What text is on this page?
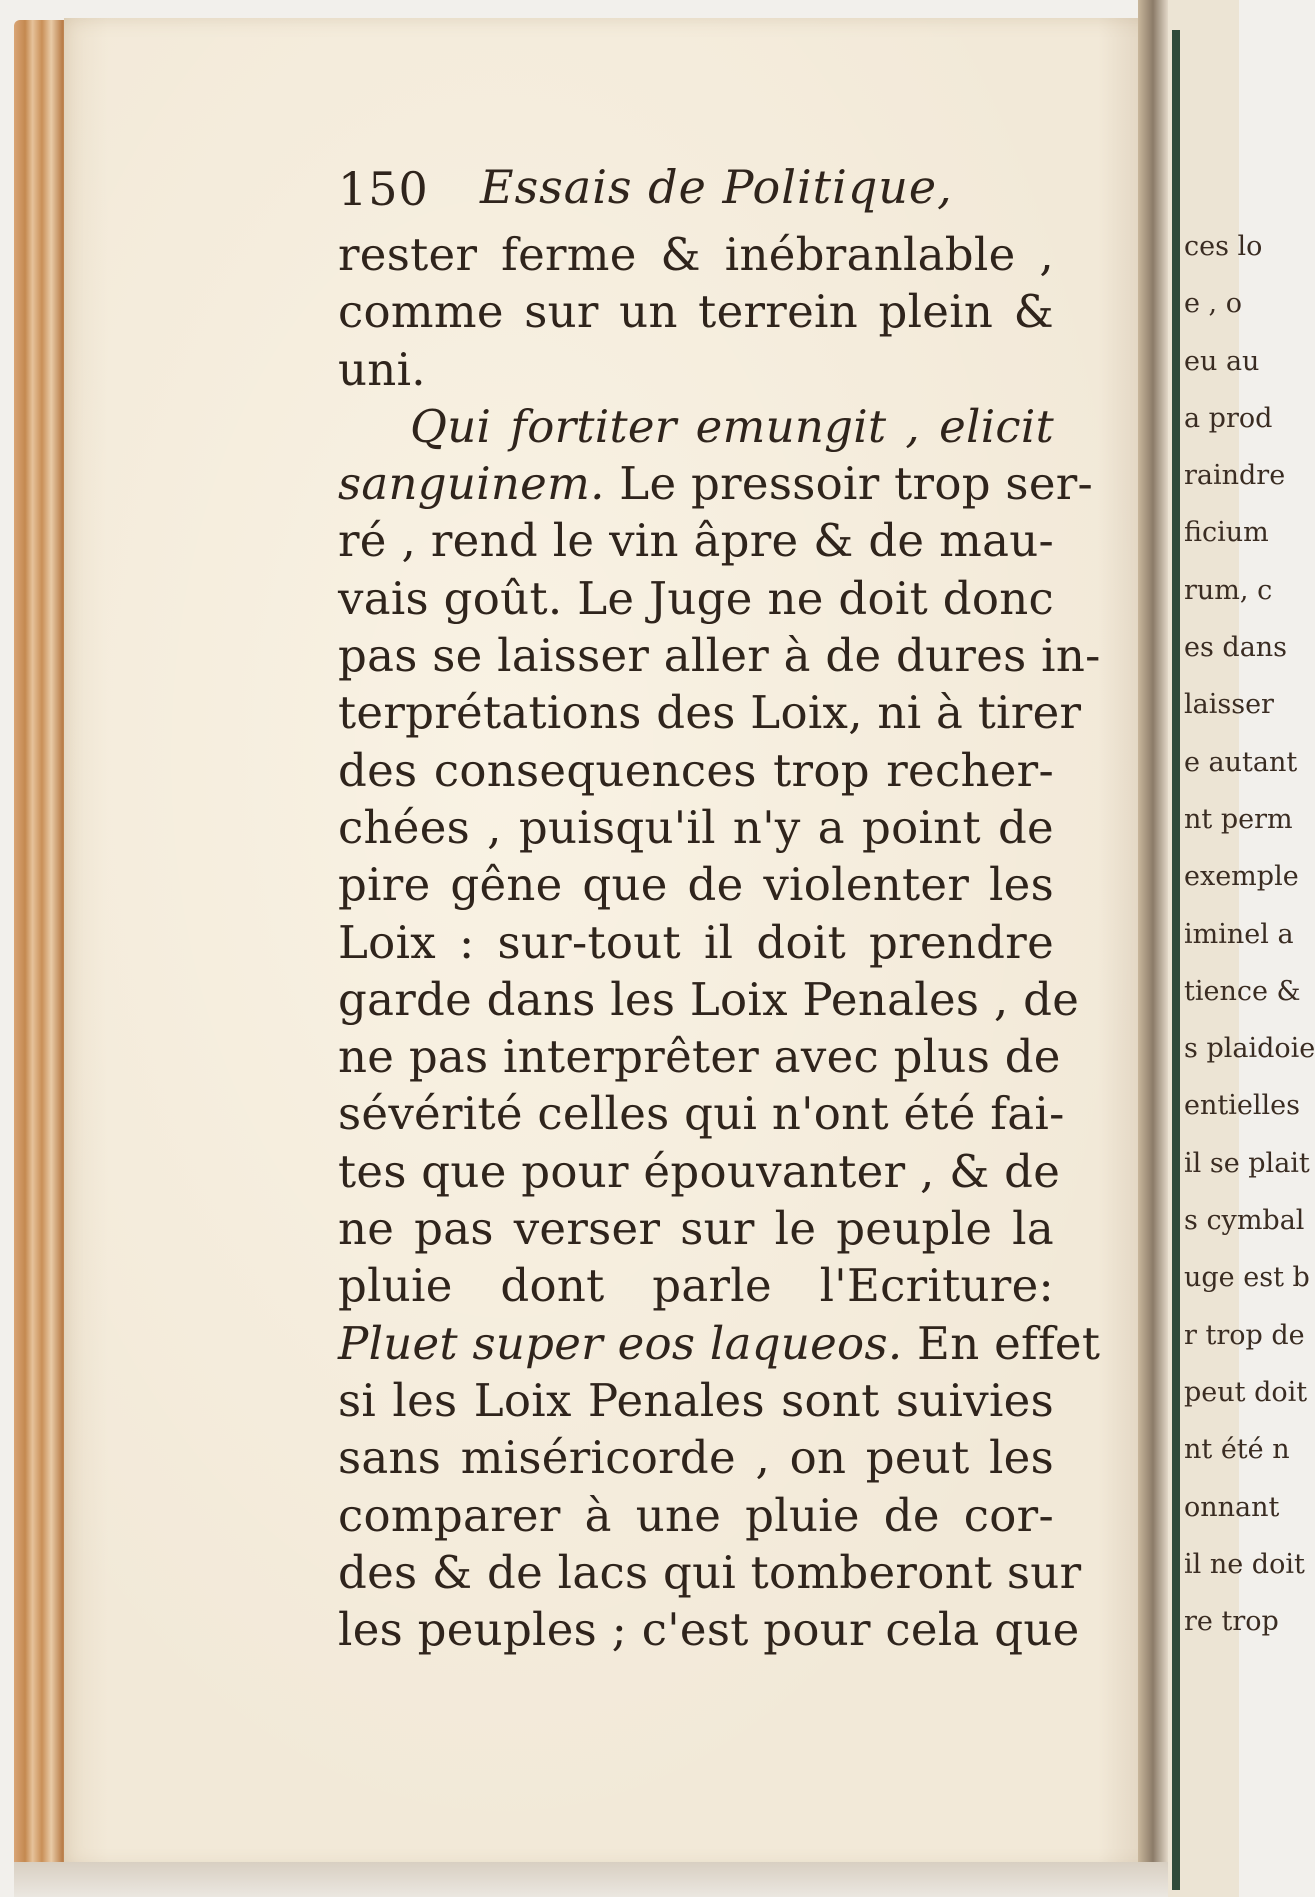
ces lo
e , o
eu au
a prod
raindre
ficium
rum, c
es dans
laisser
e autant
nt perm
exemple
iminel a
tience &
s plaidoie
entielles
il se plait
s cymbal
uge est b
r trop de
peut doit
nt été n
onnant
il ne doit
re trop
150 Essais de Politique,
rester ferme & inébranlable ,
comme sur un terrein plein &
uni.
Qui fortiter emungit , elicit
sanguinem. Le pressoir trop ser-
ré , rend le vin âpre & de mau-
vais goût. Le Juge ne doit donc
pas se laisser aller à de dures in-
terprétations des Loix, ni à tirer
des consequences trop recher-
chées , puisqu'il n'y a point de
pire gêne que de violenter les
Loix : sur-tout il doit prendre
garde dans les Loix Penales , de
ne pas interprêter avec plus de
sévérité celles qui n'ont été fai-
tes que pour épouvanter , & de
ne pas verser sur le peuple la
pluie dont parle l'Ecriture:
Pluet super eos laqueos. En effet
si les Loix Penales sont suivies
sans miséricorde , on peut les
comparer à une pluie de cor-
des & de lacs qui tomberont sur
les peuples ; c'est pour cela que
